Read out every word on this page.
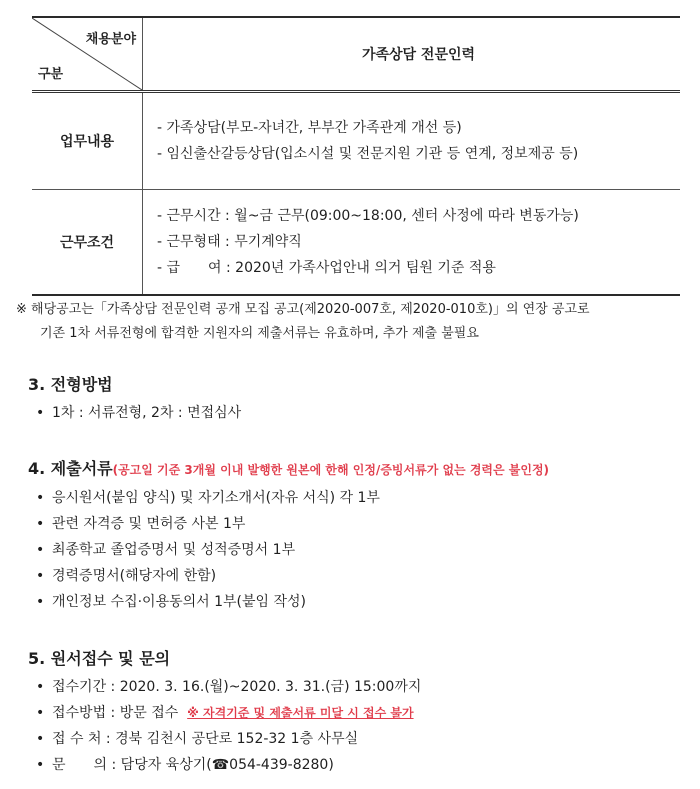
채용분야
구분
가족상담 전문인력
업무내용
- 가족상담(부모-자녀간, 부부간 가족관계 개선 등)
- 임신출산갈등상담(입소시설 및 전문지원 기관 등 연계, 정보제공 등)
근무조건
- 근무시간 : 월~금 근무(09:00~18:00, 센터 사정에 따라 변동가능)
- 근무형태 : 무기계약직
- 급　　여 : 2020년 가족사업안내 의거 팀원 기준 적용
※ 해당공고는「가족상담 전문인력 공개 모집 공고(제2020-007호, 제2020-010호)」의 연장 공고로
기존 1차 서류전형에 합격한 지원자의 제출서류는 유효하며, 추가 제출 불필요
3. 전형방법
• 1차 : 서류전형, 2차 : 면접심사
4. 제출서류(공고일 기준 3개월 이내 발행한 원본에 한해 인정/증빙서류가 없는 경력은 불인정)
• 응시원서(붙임 양식) 및 자기소개서(자유 서식) 각 1부
• 관련 자격증 및 면허증 사본 1부
• 최종학교 졸업증명서 및 성적증명서 1부
• 경력증명서(해당자에 한함)
• 개인정보 수집·이용동의서 1부(붙임 작성)
5. 원서접수 및 문의
• 접수기간 : 2020. 3. 16.(월)~2020. 3. 31.(금) 15:00까지
• 접수방법 : 방문 접수 ※ 자격기준 및 제출서류 미달 시 접수 불가
• 접 수 처 : 경북 김천시 공단로 152-32 1층 사무실
• 문　　의 : 담당자 육상기(☎054-439-8280)
